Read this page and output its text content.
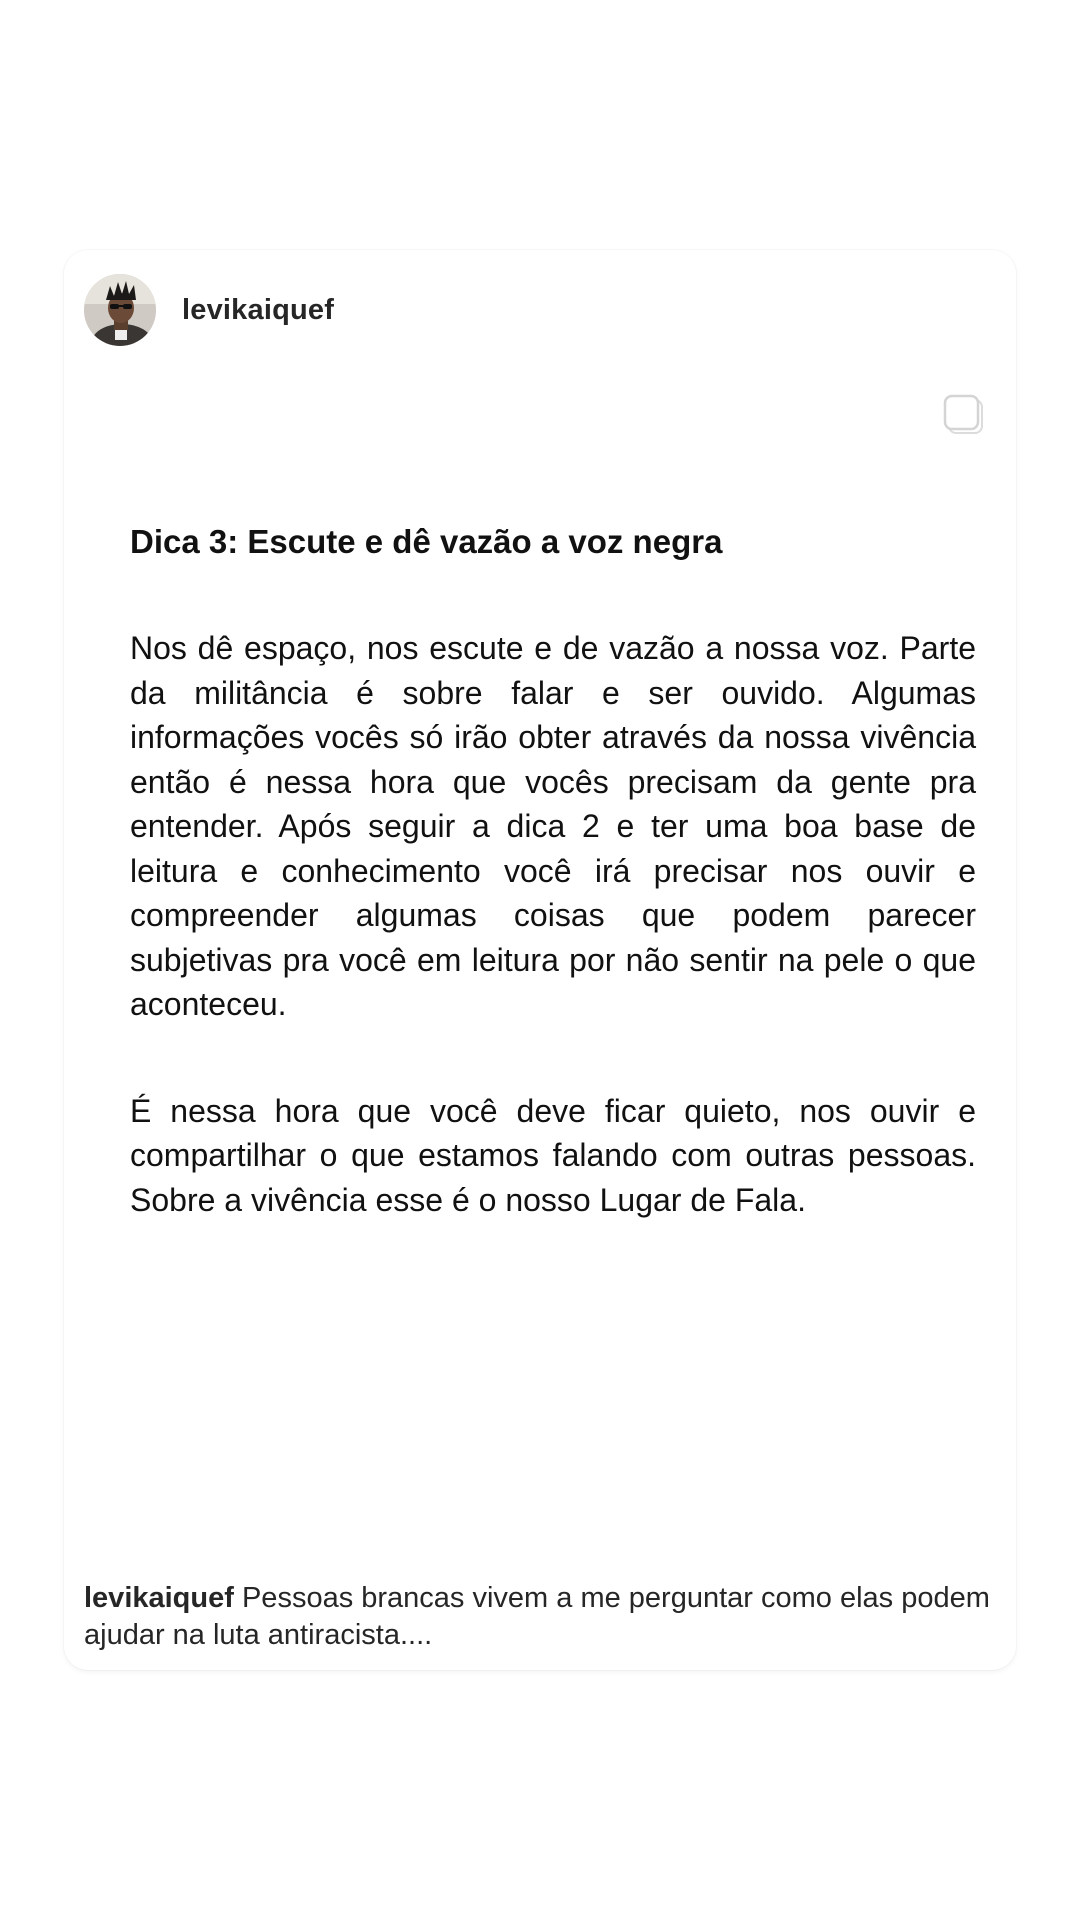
levikaiquef
Dica 3: Escute e dê vazão a voz negra
Nos dê espaço, nos escute e de vazão a nossa voz. Parte da militância é sobre falar e ser ouvido. Algumas informações vocês só irão obter através da nossa vivência então é nessa hora que vocês precisam da gente pra entender. Após seguir a dica 2 e ter uma boa base de leitura e conhecimento você irá precisar nos ouvir e compreender algumas coisas que podem parecer subjetivas pra você em leitura por não sentir na pele o que aconteceu.
É nessa hora que você deve ficar quieto, nos ouvir e compartilhar o que estamos falando com outras pessoas. Sobre a vivência esse é o nosso Lugar de Fala.
levikaiquef Pessoas brancas vivem a me perguntar como elas podem ajudar na luta antiracista....
